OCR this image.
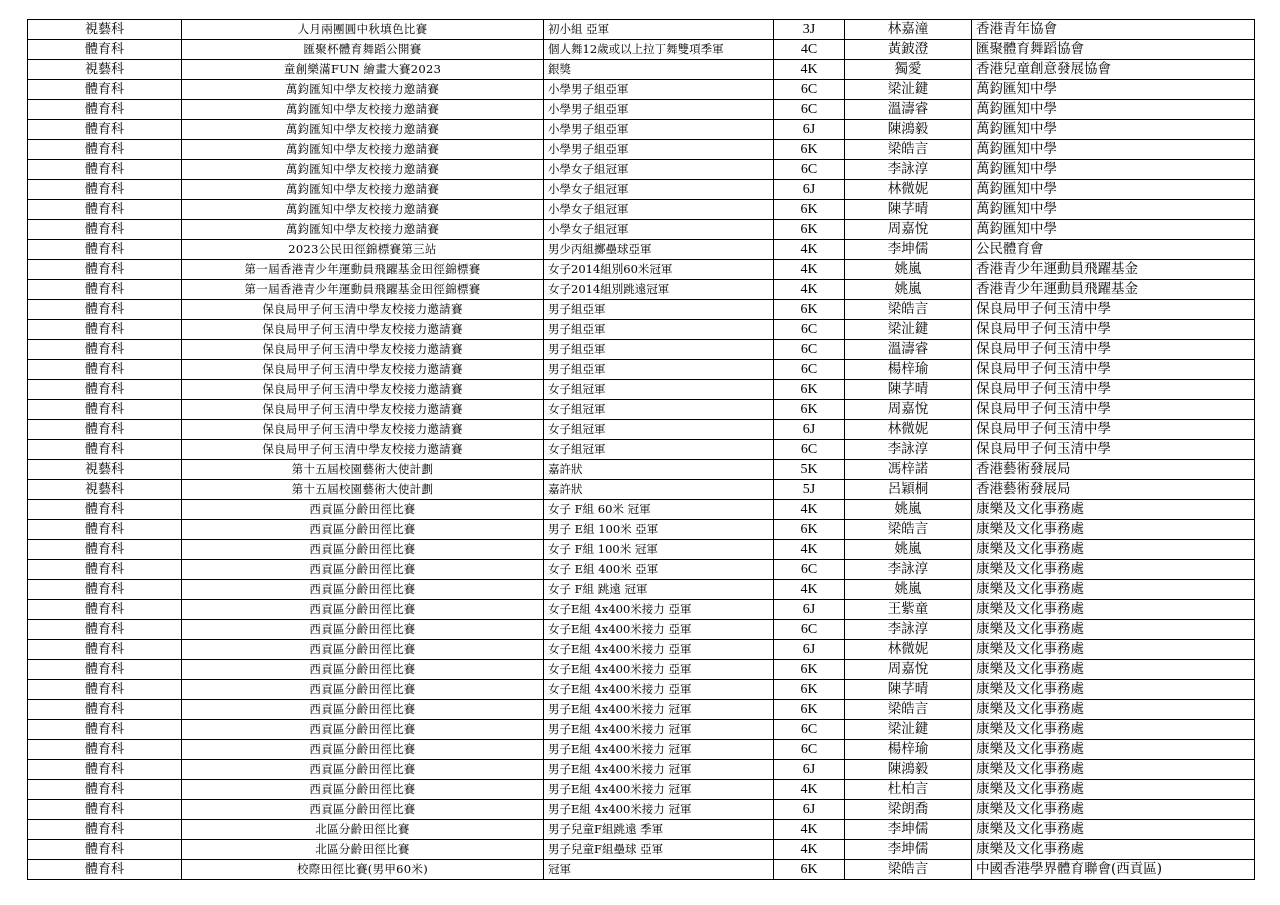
視藝科	人月兩團圓中秋填色比賽	初小組 亞軍	3J	林嘉潼	香港青年協會
體育科	匯聚杯體育舞蹈公開賽	個人舞12歲或以上拉丁舞雙項季軍	4C	黃鈹澄	匯聚體育舞蹈協會
視藝科	童創樂滿FUN 繪畫大賽2023	銀獎	4K	獨愛	香港兒童創意發展協會
體育科	萬鈞匯知中學友校接力邀請賽	小學男子組亞軍	6C	梁沚鍵	萬鈞匯知中學
體育科	萬鈞匯知中學友校接力邀請賽	小學男子組亞軍	6C	溫濤睿	萬鈞匯知中學
體育科	萬鈞匯知中學友校接力邀請賽	小學男子組亞軍	6J	陳鴻毅	萬鈞匯知中學
體育科	萬鈞匯知中學友校接力邀請賽	小學男子組亞軍	6K	梁皓言	萬鈞匯知中學
體育科	萬鈞匯知中學友校接力邀請賽	小學女子組冠軍	6C	李詠淳	萬鈞匯知中學
體育科	萬鈞匯知中學友校接力邀請賽	小學女子組冠軍	6J	林微妮	萬鈞匯知中學
體育科	萬鈞匯知中學友校接力邀請賽	小學女子組冠軍	6K	陳芓晴	萬鈞匯知中學
體育科	萬鈞匯知中學友校接力邀請賽	小學女子組冠軍	6K	周嘉悅	萬鈞匯知中學
體育科	2023公民田徑錦標賽第三站	男少丙組擲壘球亞軍	4K	李坤儒	公民體育會
體育科	第一屆香港青少年運動員飛躍基金田徑錦標賽	女子2014組別60米冠軍	4K	姚嵐	香港青少年運動員飛躍基金
體育科	第一屆香港青少年運動員飛躍基金田徑錦標賽	女子2014組別跳遠冠軍	4K	姚嵐	香港青少年運動員飛躍基金
體育科	保良局甲子何玉清中學友校接力邀請賽	男子組亞軍	6K	梁皓言	保良局甲子何玉清中學
體育科	保良局甲子何玉清中學友校接力邀請賽	男子組亞軍	6C	梁沚鍵	保良局甲子何玉清中學
體育科	保良局甲子何玉清中學友校接力邀請賽	男子組亞軍	6C	溫濤睿	保良局甲子何玉清中學
體育科	保良局甲子何玉清中學友校接力邀請賽	男子組亞軍	6C	楊梓瑜	保良局甲子何玉清中學
體育科	保良局甲子何玉清中學友校接力邀請賽	女子組冠軍	6K	陳芓晴	保良局甲子何玉清中學
體育科	保良局甲子何玉清中學友校接力邀請賽	女子組冠軍	6K	周嘉悅	保良局甲子何玉清中學
體育科	保良局甲子何玉清中學友校接力邀請賽	女子組冠軍	6J	林微妮	保良局甲子何玉清中學
體育科	保良局甲子何玉清中學友校接力邀請賽	女子組冠軍	6C	李詠淳	保良局甲子何玉清中學
視藝科	第十五屆校園藝術大使計劃	嘉許狀	5K	馮梓諾	香港藝術發展局
視藝科	第十五屆校園藝術大使計劃	嘉許狀	5J	呂穎桐	香港藝術發展局
體育科	西貢區分齡田徑比賽	女子 F組 60米 冠軍	4K	姚嵐	康樂及文化事務處
體育科	西貢區分齡田徑比賽	男子 E組 100米 亞軍	6K	梁皓言	康樂及文化事務處
體育科	西貢區分齡田徑比賽	女子 F組 100米 冠軍	4K	姚嵐	康樂及文化事務處
體育科	西貢區分齡田徑比賽	女子 E組 400米 亞軍	6C	李詠淳	康樂及文化事務處
體育科	西貢區分齡田徑比賽	女子 F組 跳遠 冠軍	4K	姚嵐	康樂及文化事務處
體育科	西貢區分齡田徑比賽	女子E組 4x400米接力 亞軍	6J	王紫童	康樂及文化事務處
體育科	西貢區分齡田徑比賽	女子E組 4x400米接力 亞軍	6C	李詠淳	康樂及文化事務處
體育科	西貢區分齡田徑比賽	女子E組 4x400米接力 亞軍	6J	林微妮	康樂及文化事務處
體育科	西貢區分齡田徑比賽	女子E組 4x400米接力 亞軍	6K	周嘉悅	康樂及文化事務處
體育科	西貢區分齡田徑比賽	女子E組 4x400米接力 亞軍	6K	陳芓晴	康樂及文化事務處
體育科	西貢區分齡田徑比賽	男子E組 4x400米接力 冠軍	6K	梁皓言	康樂及文化事務處
體育科	西貢區分齡田徑比賽	男子E組 4x400米接力 冠軍	6C	梁沚鍵	康樂及文化事務處
體育科	西貢區分齡田徑比賽	男子E組 4x400米接力 冠軍	6C	楊梓瑜	康樂及文化事務處
體育科	西貢區分齡田徑比賽	男子E組 4x400米接力 冠軍	6J	陳鴻毅	康樂及文化事務處
體育科	西貢區分齡田徑比賽	男子E組 4x400米接力 冠軍	4K	杜柏言	康樂及文化事務處
體育科	西貢區分齡田徑比賽	男子E組 4x400米接力 冠軍	6J	梁朗喬	康樂及文化事務處
體育科	北區分齡田徑比賽	男子兒童F組跳遠 季軍	4K	李坤儒	康樂及文化事務處
體育科	北區分齡田徑比賽	男子兒童F組壘球 亞軍	4K	李坤儒	康樂及文化事務處
體育科	校際田徑比賽(男甲60米)	冠軍	6K	梁皓言	中國香港學界體育聯會(西貢區)
